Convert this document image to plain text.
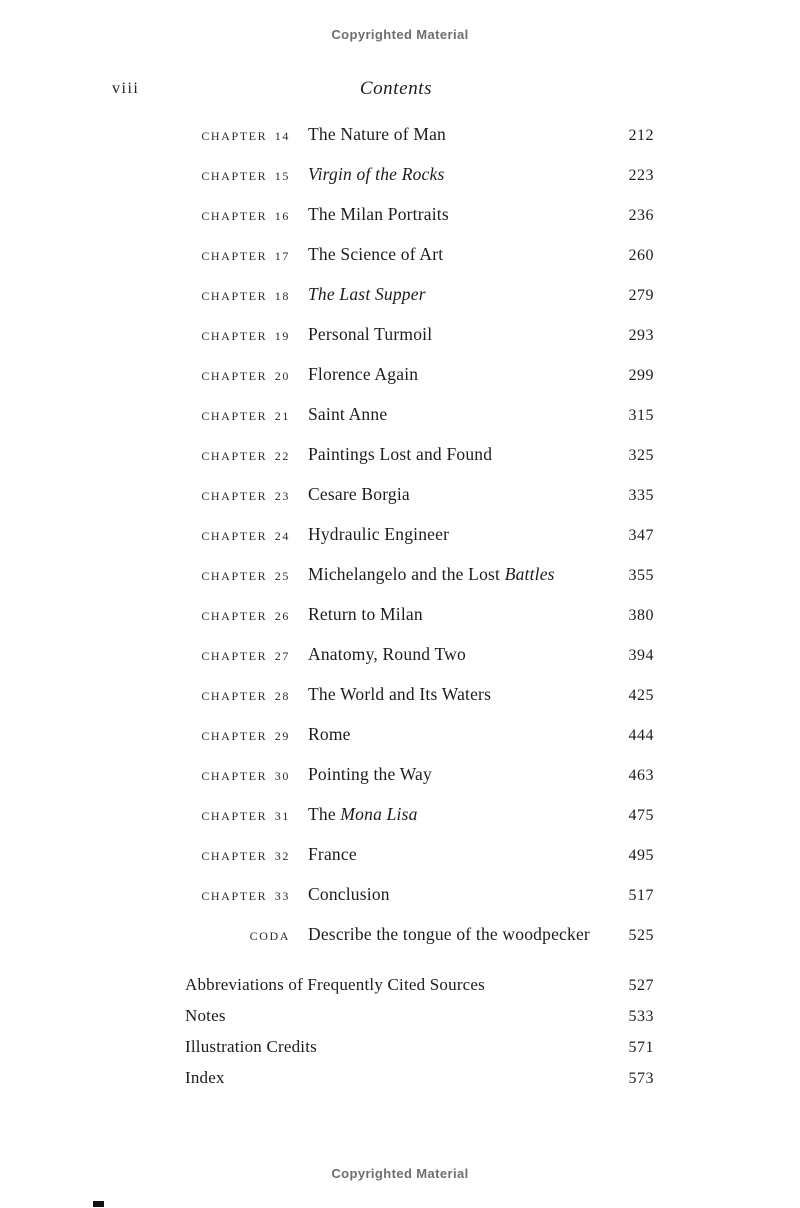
Copyrighted Material
viii	Contents
CHAPTER 14 The Nature of Man	212
CHAPTER 15 Virgin of the Rocks	223
CHAPTER 16 The Milan Portraits	236
CHAPTER 17 The Science of Art	260
CHAPTER 18 The Last Supper	279
CHAPTER 19 Personal Turmoil	293
CHAPTER 20 Florence Again	299
CHAPTER 21 Saint Anne	315
CHAPTER 22 Paintings Lost and Found	325
CHAPTER 23 Cesare Borgia	335
CHAPTER 24 Hydraulic Engineer	347
CHAPTER 25 Michelangelo and the Lost Battles	355
CHAPTER 26 Return to Milan	380
CHAPTER 27 Anatomy, Round Two	394
CHAPTER 28 The World and Its Waters	425
CHAPTER 29 Rome	444
CHAPTER 30 Pointing the Way	463
CHAPTER 31 The Mona Lisa	475
CHAPTER 32 France	495
CHAPTER 33 Conclusion	517
CODA Describe the tongue of the woodpecker	525
Abbreviations of Frequently Cited Sources	527
Notes	533
Illustration Credits	571
Index	573
Copyrighted Material
